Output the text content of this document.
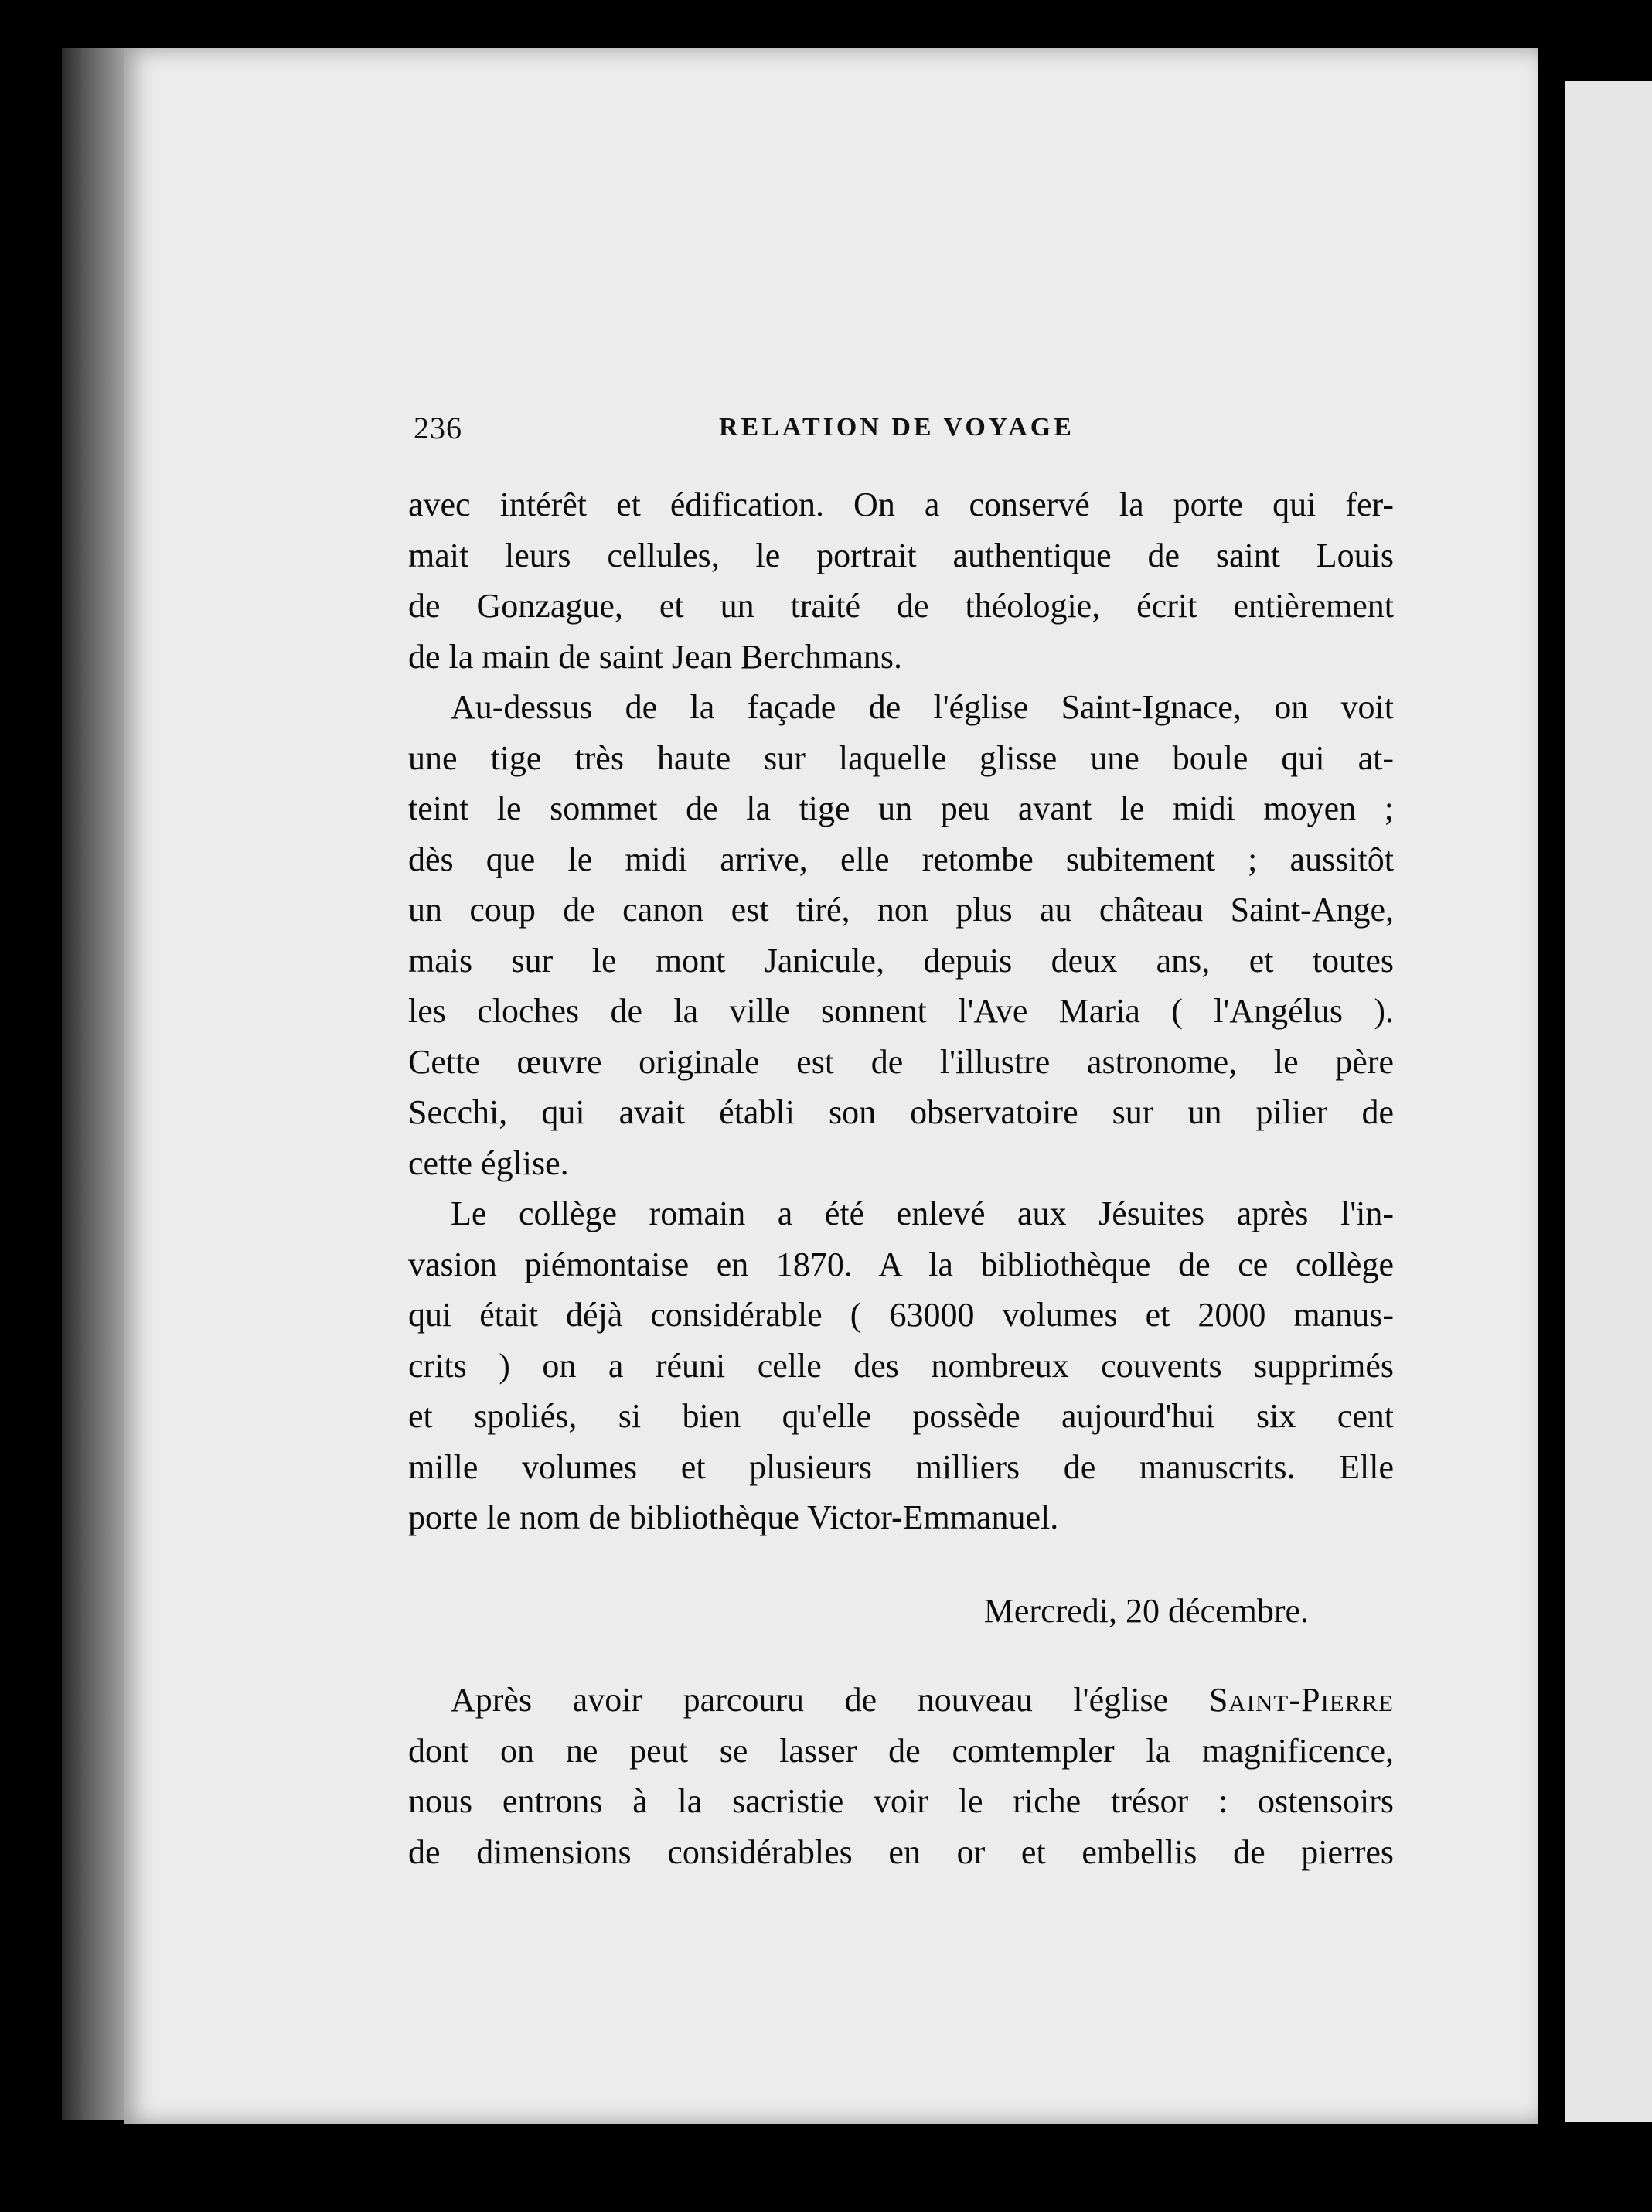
236	RELATION DE VOYAGE
avec intérêt et édification. On a conservé la porte qui fer-
mait leurs cellules, le portrait authentique de saint Louis
de Gonzague, et un traité de théologie, écrit entièrement
de la main de saint Jean Berchmans.
Au-dessus de la façade de l'église Saint-Ignace, on voit
une tige très haute sur laquelle glisse une boule qui at-
teint le sommet de la tige un peu avant le midi moyen ;
dès que le midi arrive, elle retombe subitement ; aussitôt
un coup de canon est tiré, non plus au château Saint-Ange,
mais sur le mont Janicule, depuis deux ans, et toutes
les cloches de la ville sonnent l'Ave Maria ( l'Angélus ).
Cette œuvre originale est de l'illustre astronome, le père
Secchi, qui avait établi son observatoire sur un pilier de
cette église.
Le collège romain a été enlevé aux Jésuites après l'in-
vasion piémontaise en 1870. A la bibliothèque de ce collège
qui était déjà considérable ( 63000 volumes et 2000 manus-
crits ) on a réuni celle des nombreux couvents supprimés
et spoliés, si bien qu'elle possède aujourd'hui six cent
mille volumes et plusieurs milliers de manuscrits. Elle
porte le nom de bibliothèque Victor-Emmanuel.
Mercredi, 20 décembre.
Après avoir parcouru de nouveau l'église Saint-Pierre
dont on ne peut se lasser de comtempler la magnificence,
nous entrons à la sacristie voir le riche trésor : ostensoirs
de dimensions considérables en or et embellis de pierres
